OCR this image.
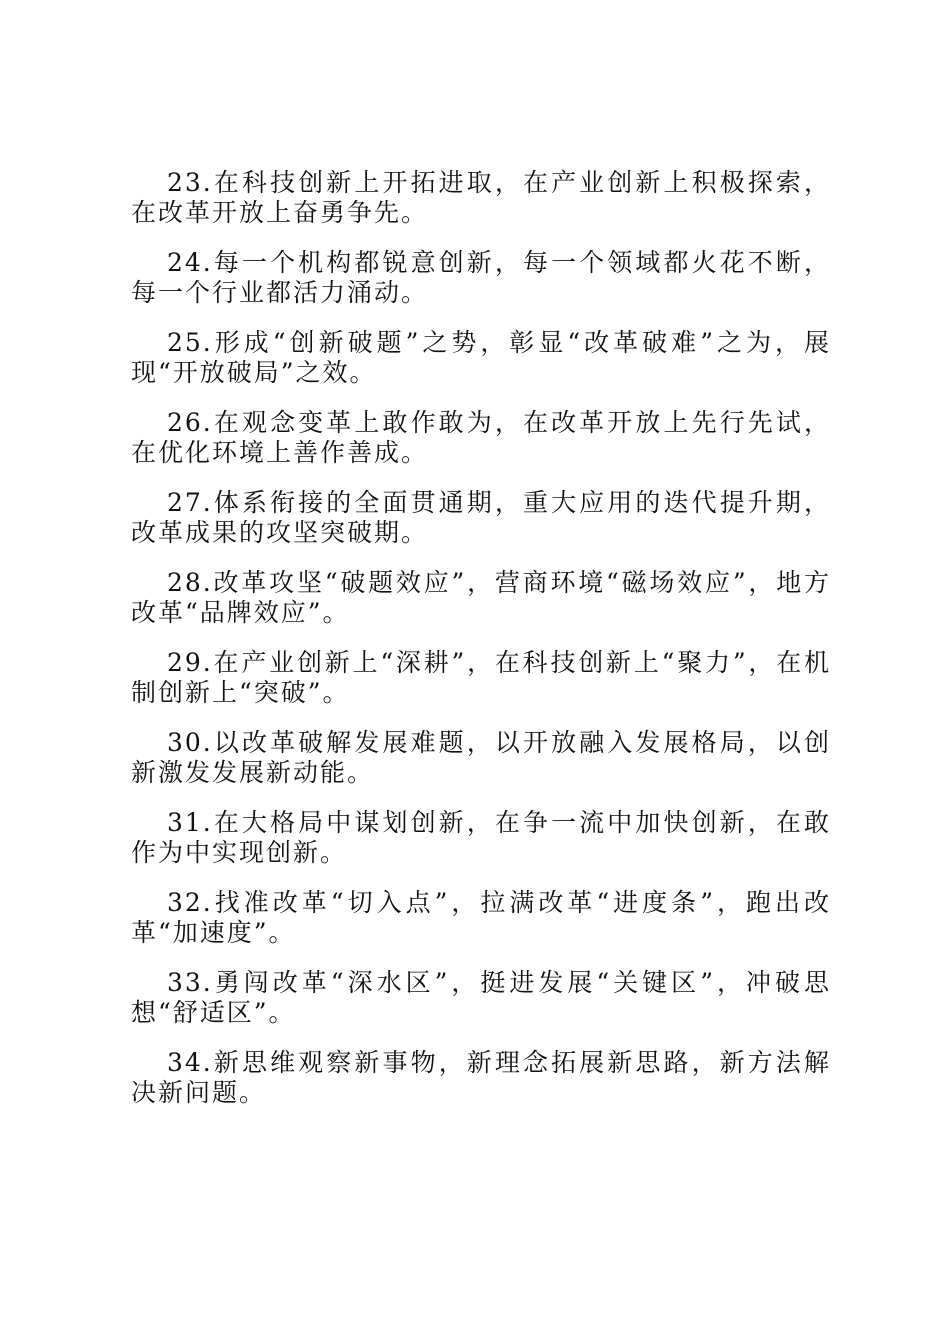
23.在科技创新上开拓进取，在产业创新上积极探索，在改革开放上奋勇争先。

24.每一个机构都锐意创新，每一个领域都火花不断，每一个行业都活力涌动。

25.形成“创新破题”之势，彰显“改革破难”之为，展现“开放破局”之效。

26.在观念变革上敢作敢为，在改革开放上先行先试，在优化环境上善作善成。

27.体系衔接的全面贯通期，重大应用的迭代提升期，改革成果的攻坚突破期。

28.改革攻坚“破题效应”，营商环境“磁场效应”，地方改革“品牌效应”。

29.在产业创新上“深耕”，在科技创新上“聚力”，在机制创新上“突破”。

30.以改革破解发展难题，以开放融入发展格局，以创新激发发展新动能。

31.在大格局中谋划创新，在争一流中加快创新，在敢作为中实现创新。

32.找准改革“切入点”，拉满改革“进度条”，跑出改革“加速度”。

33.勇闯改革“深水区”，挺进发展“关键区”，冲破思想“舒适区”。

34.新思维观察新事物，新理念拓展新思路，新方法解决新问题。
